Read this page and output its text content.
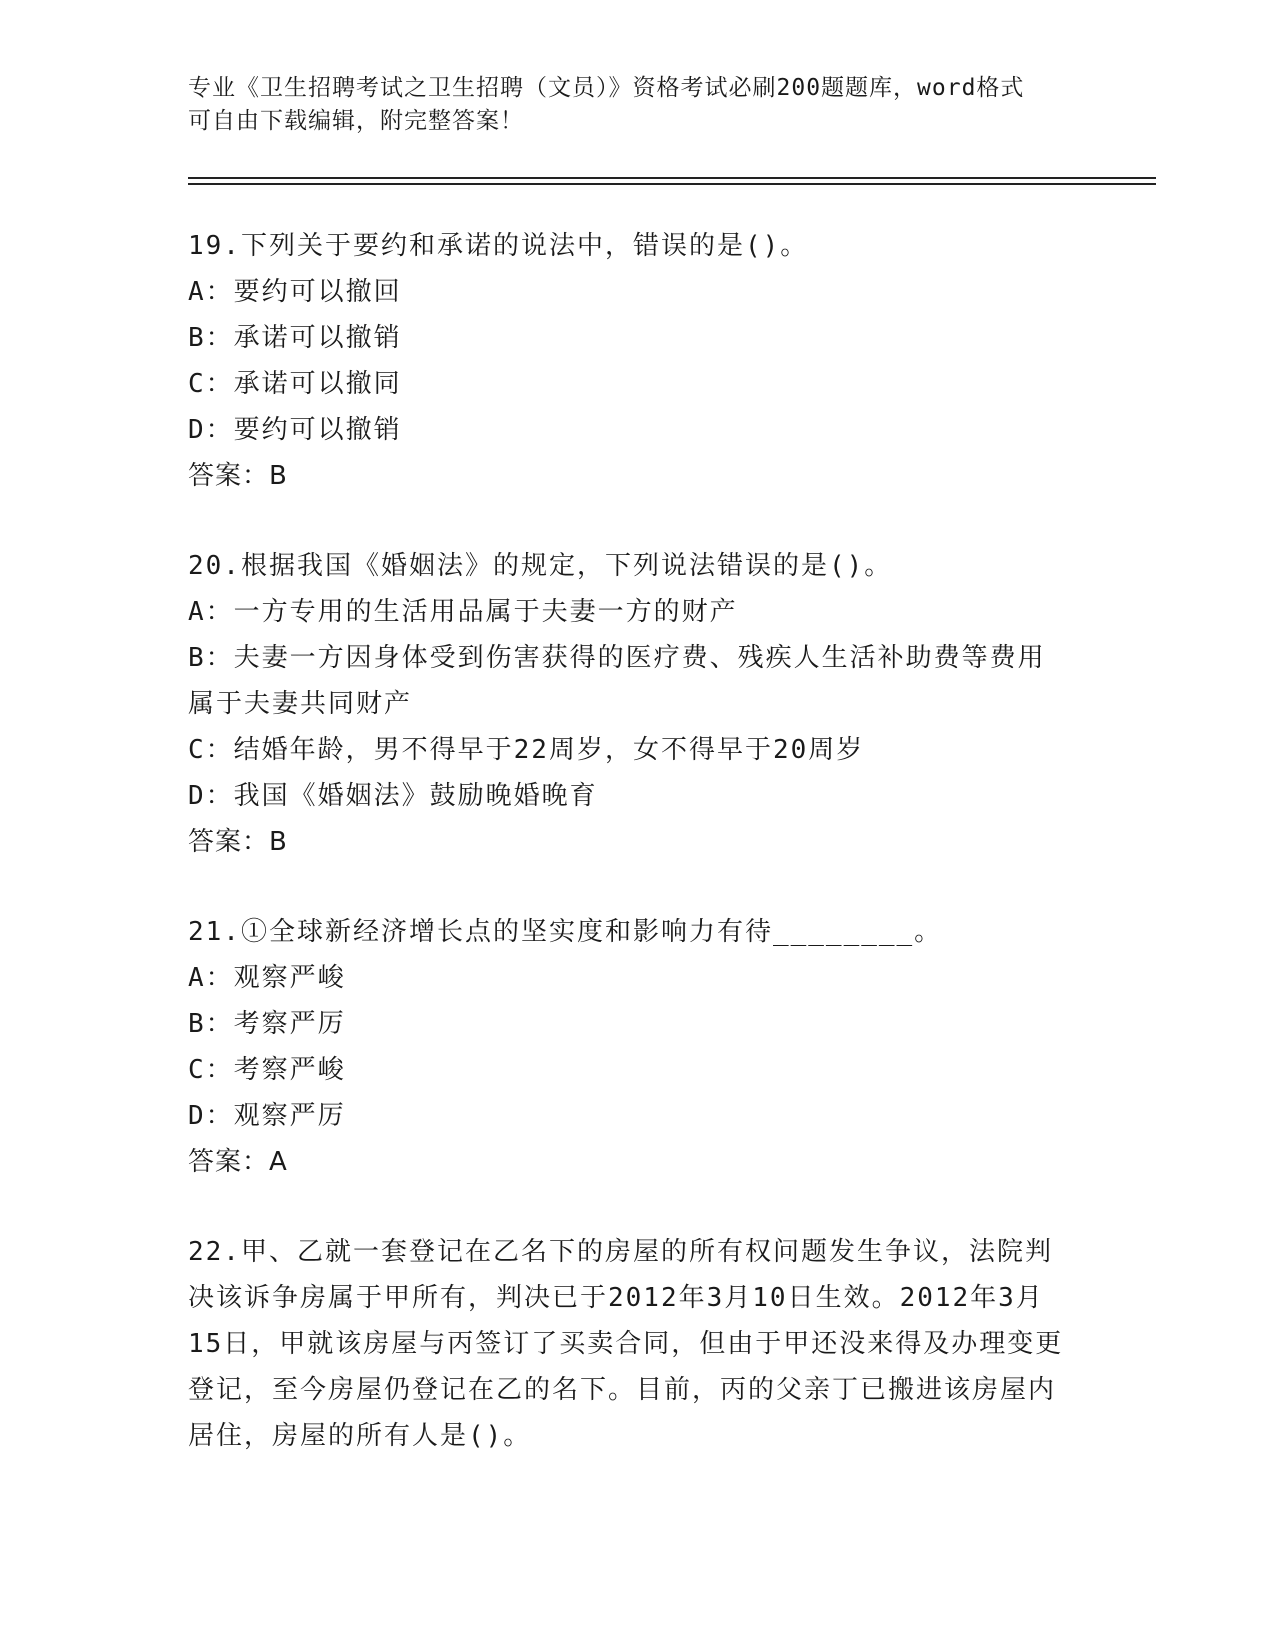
专业《卫生招聘考试之卫生招聘（文员）》资格考试必刷200题题库，word格式
可自由下载编辑，附完整答案！
19.下列关于要约和承诺的说法中，错误的是()。
A：要约可以撤回
B：承诺可以撤销
C：承诺可以撤同
D：要约可以撤销
答案：B
20.根据我国《婚姻法》的规定，下列说法错误的是()。
A：一方专用的生活用品属于夫妻一方的财产
B：夫妻一方因身体受到伤害获得的医疗费、残疾人生活补助费等费用属于夫妻共同财产
C：结婚年龄，男不得早于22周岁，女不得早于20周岁
D：我国《婚姻法》鼓励晚婚晚育
答案：B
21.①全球新经济增长点的坚实度和影响力有待________。
A：观察严峻
B：考察严厉
C：考察严峻
D：观察严厉
答案：A
22.甲、乙就一套登记在乙名下的房屋的所有权问题发生争议，法院判决该诉争房属于甲所有，判决已于2012年3月10日生效。2012年3月15日，甲就该房屋与丙签订了买卖合同，但由于甲还没来得及办理变更登记，至今房屋仍登记在乙的名下。目前，丙的父亲丁已搬进该房屋内居住，房屋的所有人是()。
